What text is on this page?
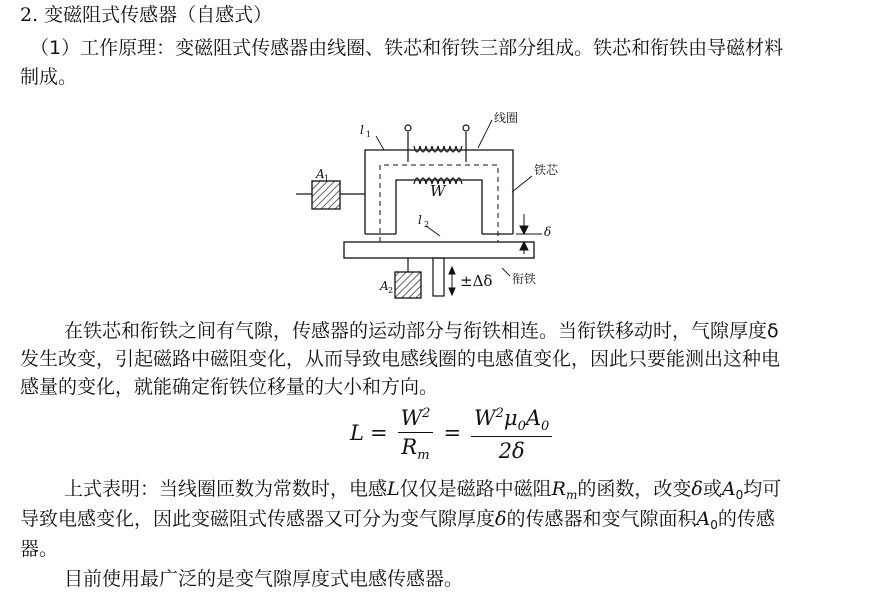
2. 变磁阻式传感器（自感式）
（1）工作原理：变磁阻式传感器由线圈、铁芯和衔铁三部分组成。铁芯和衔铁由导磁材料
制成。
线圈
铁芯
衔铁
l 1
l 2
A 1
A 2
W
δ
±Δδ
在铁芯和衔铁之间有气隙，传感器的运动部分与衔铁相连。当衔铁移动时，气隙厚度δ
发生改变，引起磁路中磁阻变化，从而导致电感线圈的电感值变化，因此只要能测出这种电
感量的变化，就能确定衔铁位移量的大小和方向。
$L = \frac{W^2}{R_m} = \frac{W^2\mu_0A_0}{2\delta}$
上式表明：当线圈匝数为常数时，电感L仅仅是磁路中磁阻$R_m$的函数，改变δ或$A_0$均可
导致电感变化，因此变磁阻式传感器又可分为变气隙厚度δ的传感器和变气隙面积$A_0$的传感
器。
目前使用最广泛的是变气隙厚度式电感传感器。
